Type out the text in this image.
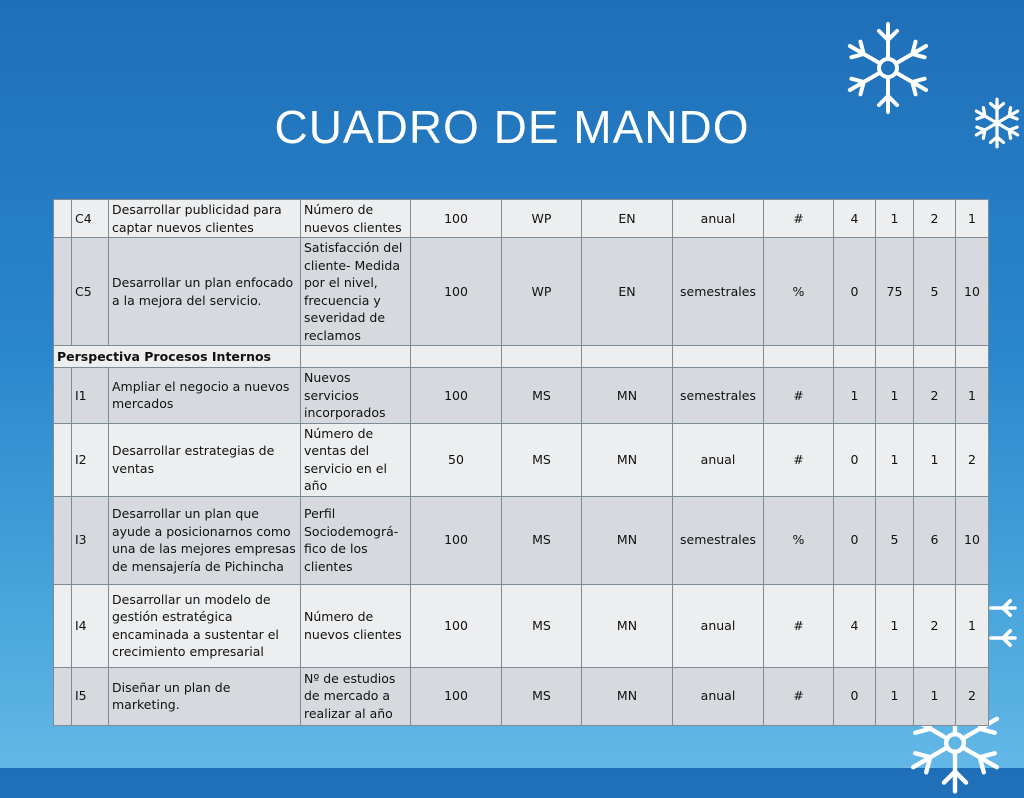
CUADRO DE MANDO
	C4	Desarrollar publicidad para captar nuevos clientes	Número de nuevos clientes	100	WP	EN	anual	#	4	1	2	1
	C5	Desarrollar un plan enfocado a la mejora del servicio.	Satisfacción del cliente- Medida por el nivel, frecuencia y severidad de reclamos	100	WP	EN	semestrales	%	0	75	5	10
Perspectiva Procesos Internos												
	I1	Ampliar el negocio a nuevos mercados	Nuevos servicios incorporados	100	MS	MN	semestrales	#	1	1	2	1
	I2	Desarrollar estrategias de ventas	Número de ventas del servicio en el año	50	MS	MN	anual	#	0	1	1	2
	I3	Desarrollar un plan que ayude a posicionarnos como una de las mejores empresas de mensajería de Pichincha	Perfil Sociodemográ- fico de los clientes	100	MS	MN	semestrales	%	0	5	6	10
	I4	Desarrollar un modelo de gestión estratégica encaminada a sustentar el crecimiento empresarial	Número de nuevos clientes	100	MS	MN	anual	#	4	1	2	1
	I5	Diseñar un plan de marketing.	Nº de estudios de mercado a realizar al año	100	MS	MN	anual	#	0	1	1	2
